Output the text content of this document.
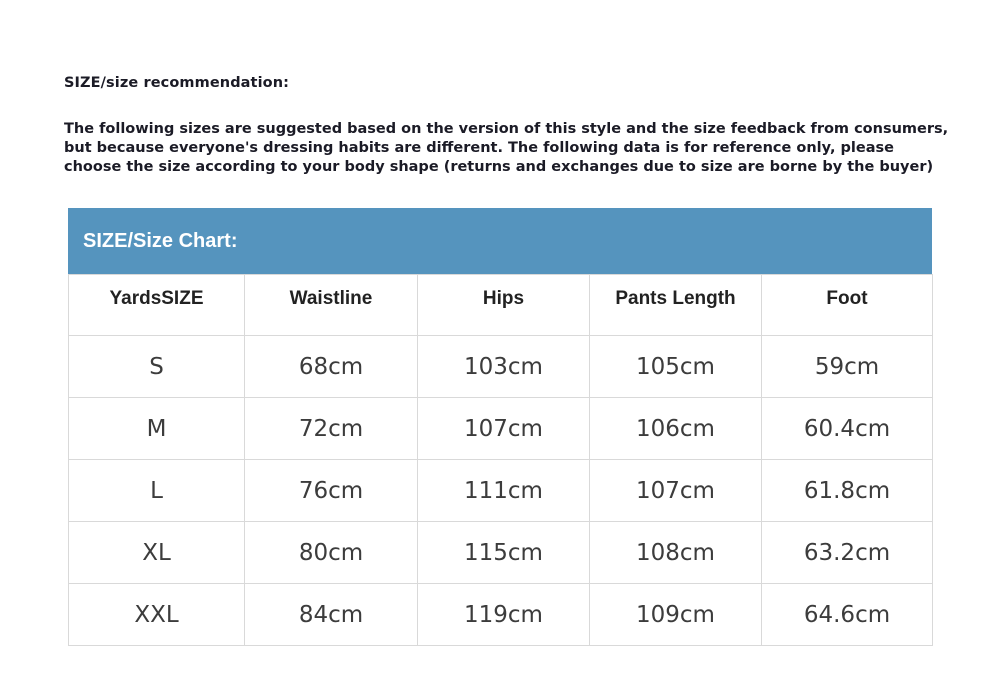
SIZE/size recommendation:
The following sizes are suggested based on the version of this style and the size feedback from consumers,
but because everyone's dressing habits are different. The following data is for reference only, please
choose the size according to your body shape (returns and exchanges due to size are borne by the buyer)
SIZE/Size Chart:
YardsSIZE	Waistline	Hips	Pants Length	Foot
S	68cm	103cm	105cm	59cm
M	72cm	107cm	106cm	60.4cm
L	76cm	111cm	107cm	61.8cm
XL	80cm	115cm	108cm	63.2cm
XXL	84cm	119cm	109cm	64.6cm
